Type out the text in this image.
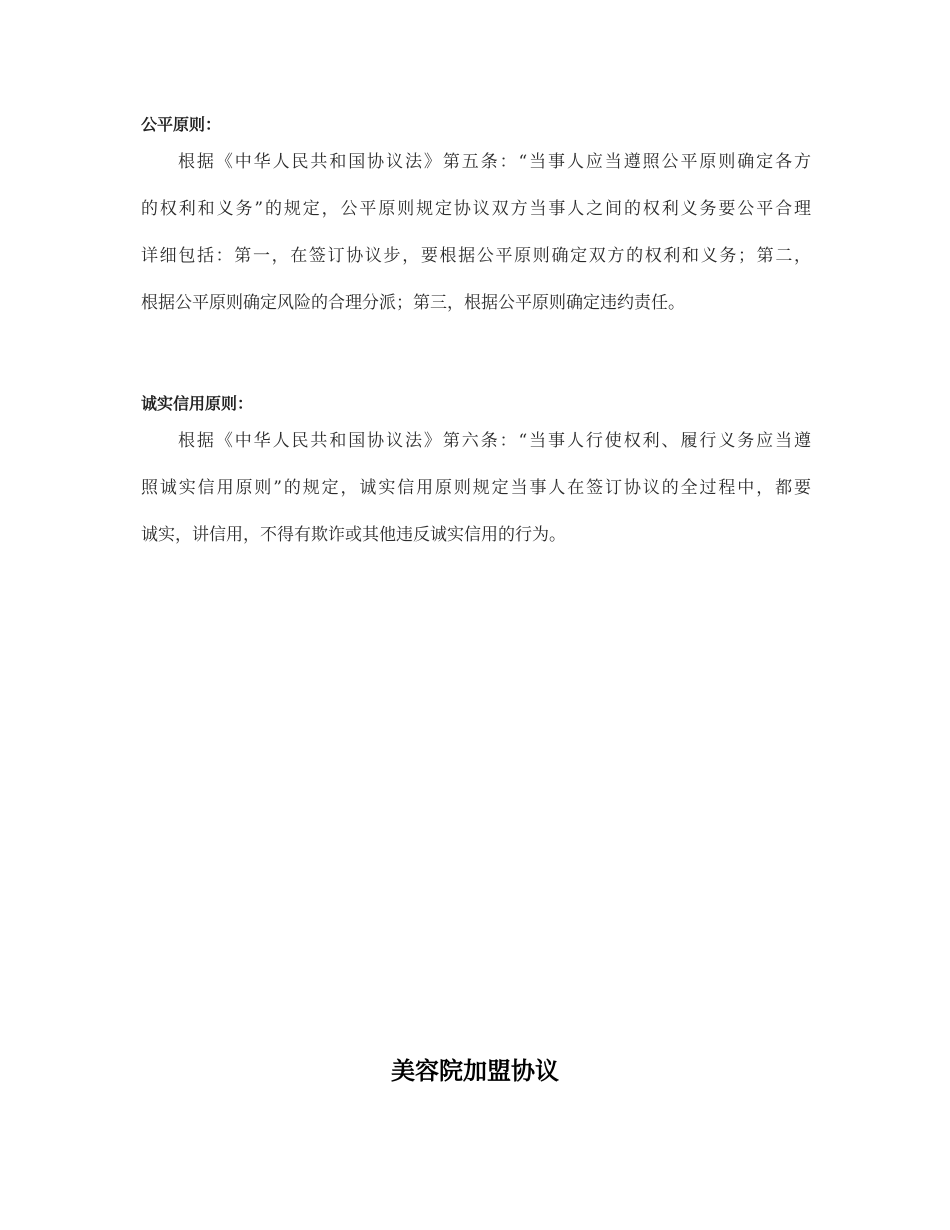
公平原则：
根据《中华人民共和国协议法》第五条：“当事人应当遵照公平原则确定各方
的权利和义务”的规定，公平原则规定协议双方当事人之间的权利义务要公平合理
详细包括：第一，在签订协议步，要根据公平原则确定双方的权利和义务；第二，
根据公平原则确定风险的合理分派；第三，根据公平原则确定违约责任。
诚实信用原则：
根据《中华人民共和国协议法》第六条：“当事人行使权利、履行义务应当遵
照诚实信用原则”的规定，诚实信用原则规定当事人在签订协议的全过程中，都要
诚实，讲信用，不得有欺诈或其他违反诚实信用的行为。
美容院加盟协议
